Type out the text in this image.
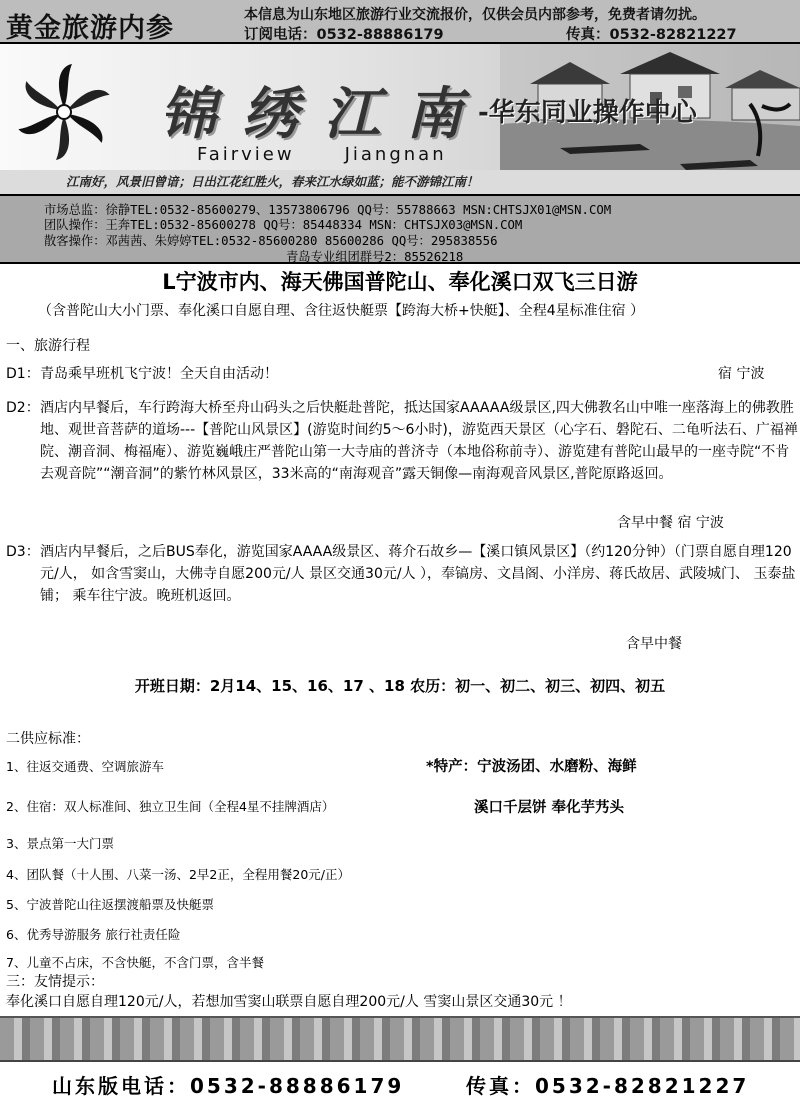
黄金旅游内参	本信息为山东地区旅游行业交流报价，仅供会员内部参考，免费者请勿扰。
订阅电话：0532-88886179	传真：0532-82821227
锦绣江南
-华东同业操作中心
Fairview	Jiangnan
江南好，风景旧曾谙；日出江花红胜火，春来江水绿如蓝；能不游锦江南！
市场总监：徐静TEL:0532-85600279、13573806796 QQ号：55788663 MSN:CHTSJX01@MSN.COM
团队操作：王奔TEL:0532-85600278 QQ号：85448334 MSN：CHTSJX03@MSN.COM
散客操作：邓茜茜、朱婷婷TEL:0532-85600280 85600286 QQ号：295838556
青岛专业组团群号2：85526218
L宁波市内、海天佛国普陀山、奉化溪口双飞三日游
（含普陀山大小门票、奉化溪口自愿自理、含往返快艇票【跨海大桥+快艇】、全程4星标准住宿 ）
一、旅游行程
D1： 青岛乘早班机飞宁波！全天自由活动！	宿 宁波
D2： 酒店内早餐后，车行跨海大桥至舟山码头之后快艇赴普陀，抵达国家AAAAA级景区,四大佛教名山中唯一座落海上的佛教胜地、观世音菩萨的道场---【普陀山风景区】(游览时间约5～6小时)，游览西天景区（心字石、磐陀石、二龟听法石、广福禅院、潮音洞、梅福庵）、游览巍峨庄严普陀山第一大寺庙的普济寺（本地俗称前寺）、游览建有普陀山最早的一座寺院“不肯去观音院”“潮音洞”的紫竹林风景区，33米高的“南海观音”露天铜像—南海观音风景区,普陀原路返回。
含早中餐 宿 宁波
D3： 酒店内早餐后，之后BUS奉化，游览国家AAAA级景区、蒋介石故乡—【溪口镇风景区】（约120分钟）（门票自愿自理120元/人， 如含雪窦山，大佛寺自愿200元/人 景区交通30元/人 ），奉镐房、文昌阁、小洋房、蒋氏故居、武陵城门、 玉泰盐铺； 乘车往宁波。晚班机返回。
含早中餐
开班日期：2月14、15、16、17 、18 农历：初一、初二、初三、初四、初五
二供应标准：
1、往返交通费、空调旅游车
2、住宿：双人标准间、独立卫生间（全程4星不挂牌酒店）
3、景点第一大门票
4、团队餐（十人围、八菜一汤、2早2正，全程用餐20元/正）
5、宁波普陀山往返摆渡船票及快艇票
6、优秀导游服务 旅行社责任险
7、儿童不占床，不含快艇，不含门票，含半餐
*特产：宁波汤团、水磨粉、海鲜
溪口千层饼 奉化芋艿头
三：友情提示：
奉化溪口自愿自理120元/人，若想加雪窦山联票自愿自理200元/人 雪窦山景区交通30元 ！
山东版电话：0532-88886179	传真：0532-82821227
